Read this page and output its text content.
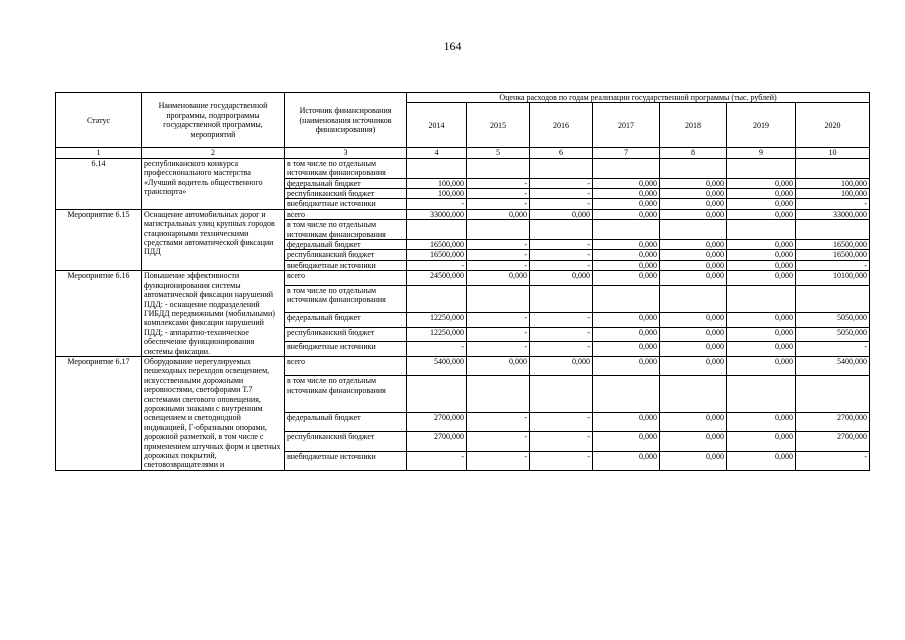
164
Статус	Наименование государственной программы, подпрограммы государственной программы, мероприятий	Источник финансирования (наименования источников финансирования)	Оценка расходов по годам реализации государственной программы (тыс. рублей)						
			2014	2015	2016	2017	2018	2019	2020
1	2	3	4	5	6	7	8	9	10
6.14	республиканского конкурса профессионального мастерства «Лучший водитель общественного транспорта»	в том числе по отдельным источникам финансирования							
		федеральный бюджет	100,000	-	-	0,000	0,000	0,000	100,000
		республиканский бюджет	100,000	-	-	0,000	0,000	0,000	100,000
		внебюджетные источники	-	-	-	0,000	0,000	0,000	-
Мероприятие 6.15	Оснащение автомобильных дорог и магистральных улиц крупных городов стационарными техническими средствами автоматической фиксации ПДД	всего	33000,000	0,000	0,000	0,000	0,000	0,000	33000,000
		в том числе по отдельным источникам финансирования							
		федеральный бюджет	16500,000	-	-	0,000	0,000	0,000	16500,000
		республиканский бюджет	16500,000	-	-	0,000	0,000	0,000	16500,000
		внебюджетные источники	-	-	-	0,000	0,000	0,000	-
Мероприятие 6.16	Повышение эффективности функционирования системы автоматической фиксации нарушений ПДД: - оснащение подразделений ГИБДД передвижными (мобильными) комплексами фиксации нарушений ПДД; - аппаратно-техническое обеспечение функционирования системы фиксации.	всего	24500,000	0,000	0,000	0,000	0,000	0,000	10100,000
		в том числе по отдельным источникам финансирования							
		федеральный бюджет	12250,000	-	-	0,000	0,000	0,000	5050,000
		республиканский бюджет	12250,000	-	-	0,000	0,000	0,000	5050,000
		внебюджетные источники	-	-	-	0,000	0,000	0,000	-
Мероприятие 6.17	Оборудование нерегулируемых пешеходных переходов освещением, искусственными дорожными неровностями, светофорами Т.7 системами светового оповещения, дорожными знаками с внутренним освещением и светодиодной индикацией, Г-образными опорами, дорожной разметкой, в том числе с применением штучных форм и цветных дорожных покрытий, световозвращателями и	всего	5400,000	0,000	0,000	0,000	0,000	0,000	5400,000
		в том числе по отдельным источникам финансирования							
		федеральный бюджет	2700,000	-	-	0,000	0,000	0,000	2700,000
		республиканский бюджет	2700,000	-	-	0,000	0,000	0,000	2700,000
		внебюджетные источники	-	-	-	0,000	0,000	0,000	-
